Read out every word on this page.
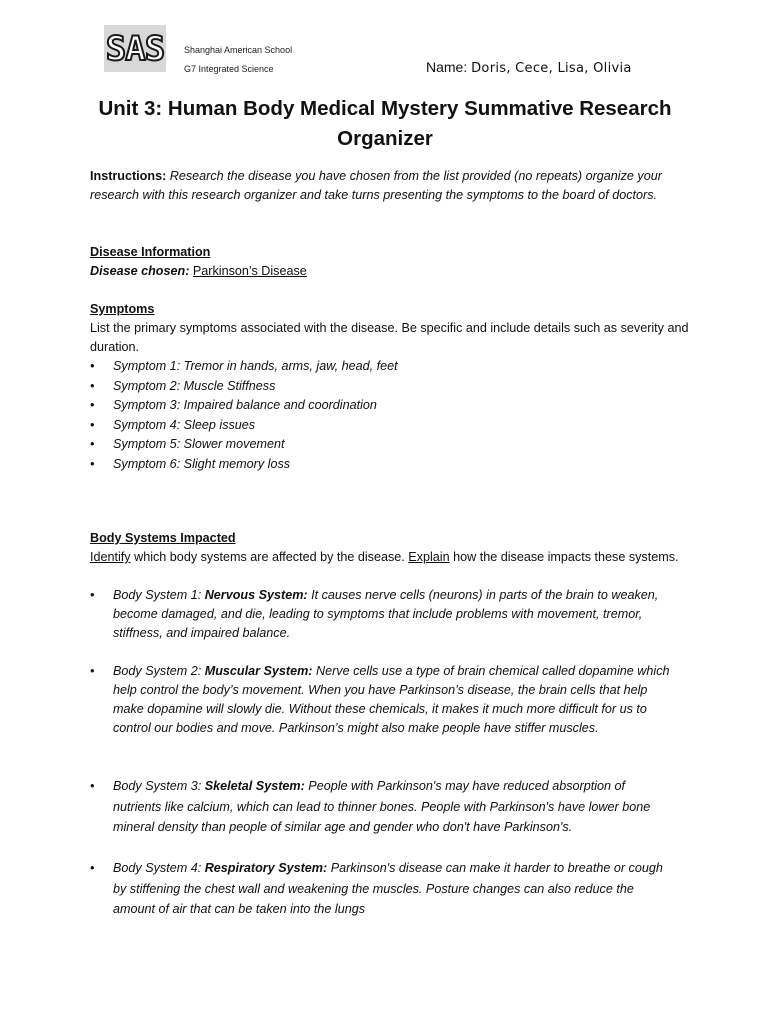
SAS Shanghai American School
G7 Integrated Science	Name: Doris, Cece, Lisa, Olivia
Unit 3: Human Body Medical Mystery Summative Research
Organizer
Instructions: Research the disease you have chosen from the list provided (no repeats) organize your research with this research organizer and take turns presenting the symptoms to the board of doctors.
Disease Information
Disease chosen: Parkinson’s Disease
Symptoms
List the primary symptoms associated with the disease. Be specific and include details such as severity and duration.
• Symptom 1: Tremor in hands, arms, jaw, head, feet
• Symptom 2: Muscle Stiffness
• Symptom 3: Impaired balance and coordination
• Symptom 4: Sleep issues
• Symptom 5: Slower movement
• Symptom 6: Slight memory loss
Body Systems Impacted
Identify which body systems are affected by the disease. Explain how the disease impacts these systems.
• Body System 1: Nervous System: It causes nerve cells (neurons) in parts of the brain to weaken, become damaged, and die, leading to symptoms that include problems with movement, tremor, stiffness, and impaired balance.
• Body System 2: Muscular System: Nerve cells use a type of brain chemical called dopamine which help control the body’s movement. When you have Parkinson’s disease, the brain cells that help make dopamine will slowly die. Without these chemicals, it makes it much more difficult for us to control our bodies and move. Parkinson’s might also make people have stiffer muscles.
• Body System 3: Skeletal System: People with Parkinson's may have reduced absorption of nutrients like calcium, which can lead to thinner bones. People with Parkinson's have lower bone mineral density than people of similar age and gender who don't have Parkinson's.
• Body System 4: Respiratory System: Parkinson's disease can make it harder to breathe or cough by stiffening the chest wall and weakening the muscles. Posture changes can also reduce the amount of air that can be taken into the lungs
